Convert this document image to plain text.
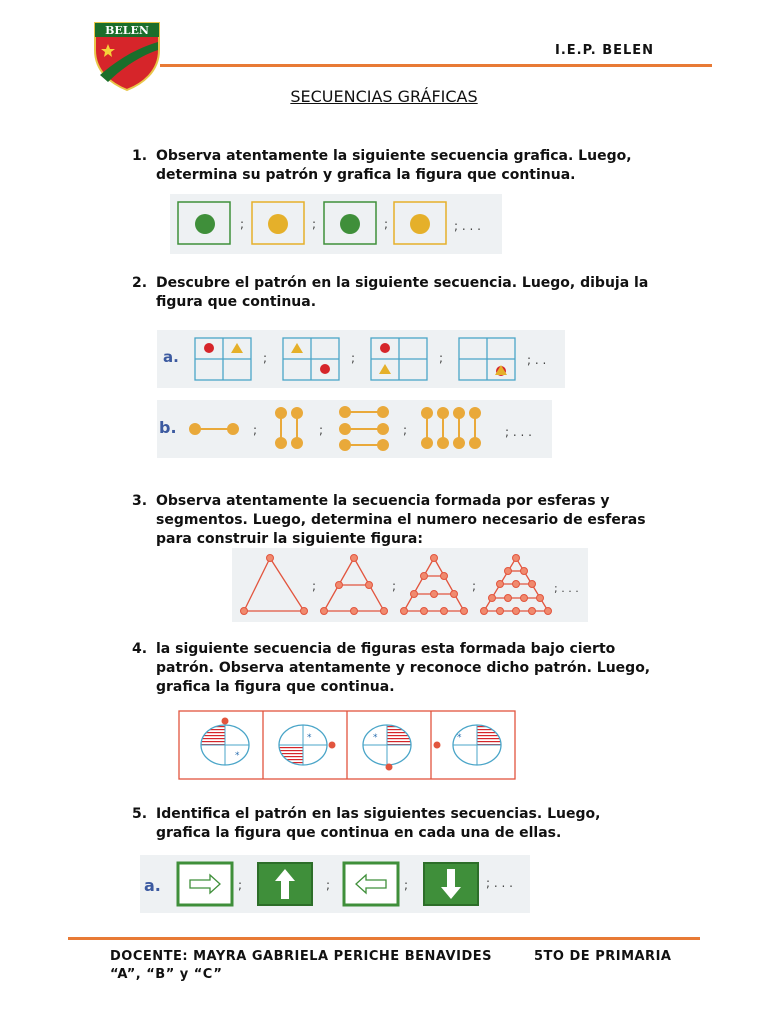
BELEN
I.E.P. BELEN
SECUENCIAS GRÁFICAS
1. Observa atentamente la siguiente secuencia grafica. Luego, determina su patrón y grafica la figura que continua.
;	;	;	; . . .
2. Descubre el patrón en la siguiente secuencia. Luego, dibuja la figura que continua.
a.	;	;	;	; . .
b.	;	;	;	; . . .
3. Observa atentamente la secuencia formada por esferas y segmentos. Luego, determina el numero necesario de esferas para construir la siguiente figura:
;	;	;	; . . .
4. la siguiente secuencia de figuras esta formada bajo cierto patrón. Observa atentamente y reconoce dicho patrón. Luego, grafica la figura que continua.
*
*	*	*
5. Identifica el patrón en las siguientes secuencias. Luego, grafica la figura que continua en cada una de ellas.
a.	;	;	;	; . . .
DOCENTE: MAYRA GABRIELA PERICHE BENAVIDES	5TO DE PRIMARIA
“A”, “B” y “C”
